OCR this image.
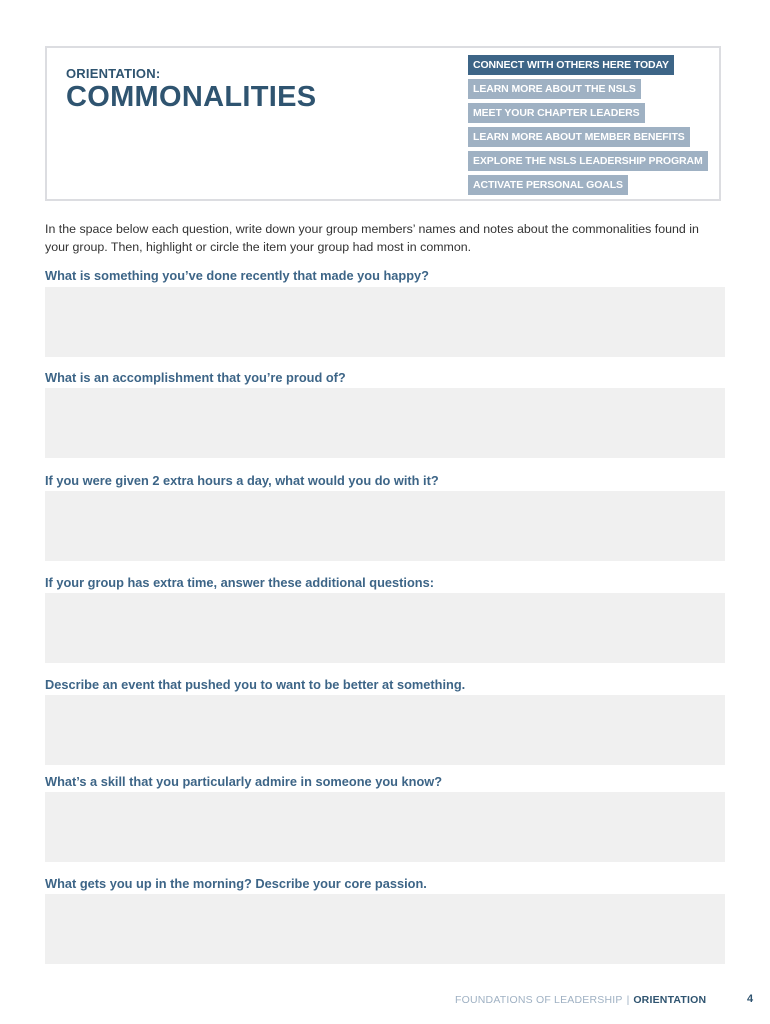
ORIENTATION:
COMMONALITIES
CONNECT WITH OTHERS HERE TODAY
LEARN MORE ABOUT THE NSLS
MEET YOUR CHAPTER LEADERS
LEARN MORE ABOUT MEMBER BENEFITS
EXPLORE THE NSLS LEADERSHIP PROGRAM
ACTIVATE PERSONAL GOALS
In the space below each question, write down your group members’ names and notes about the commonalities found in your group. Then, highlight or circle the item your group had most in common.
What is something you’ve done recently that made you happy?
What is an accomplishment that you’re proud of?
If you were given 2 extra hours a day, what would you do with it?
If your group has extra time, answer these additional questions:
Describe an event that pushed you to want to be better at something.
What’s a skill that you particularly admire in someone you know?
What gets you up in the morning? Describe your core passion.
FOUNDATIONS OF LEADERSHIP | ORIENTATION	4
